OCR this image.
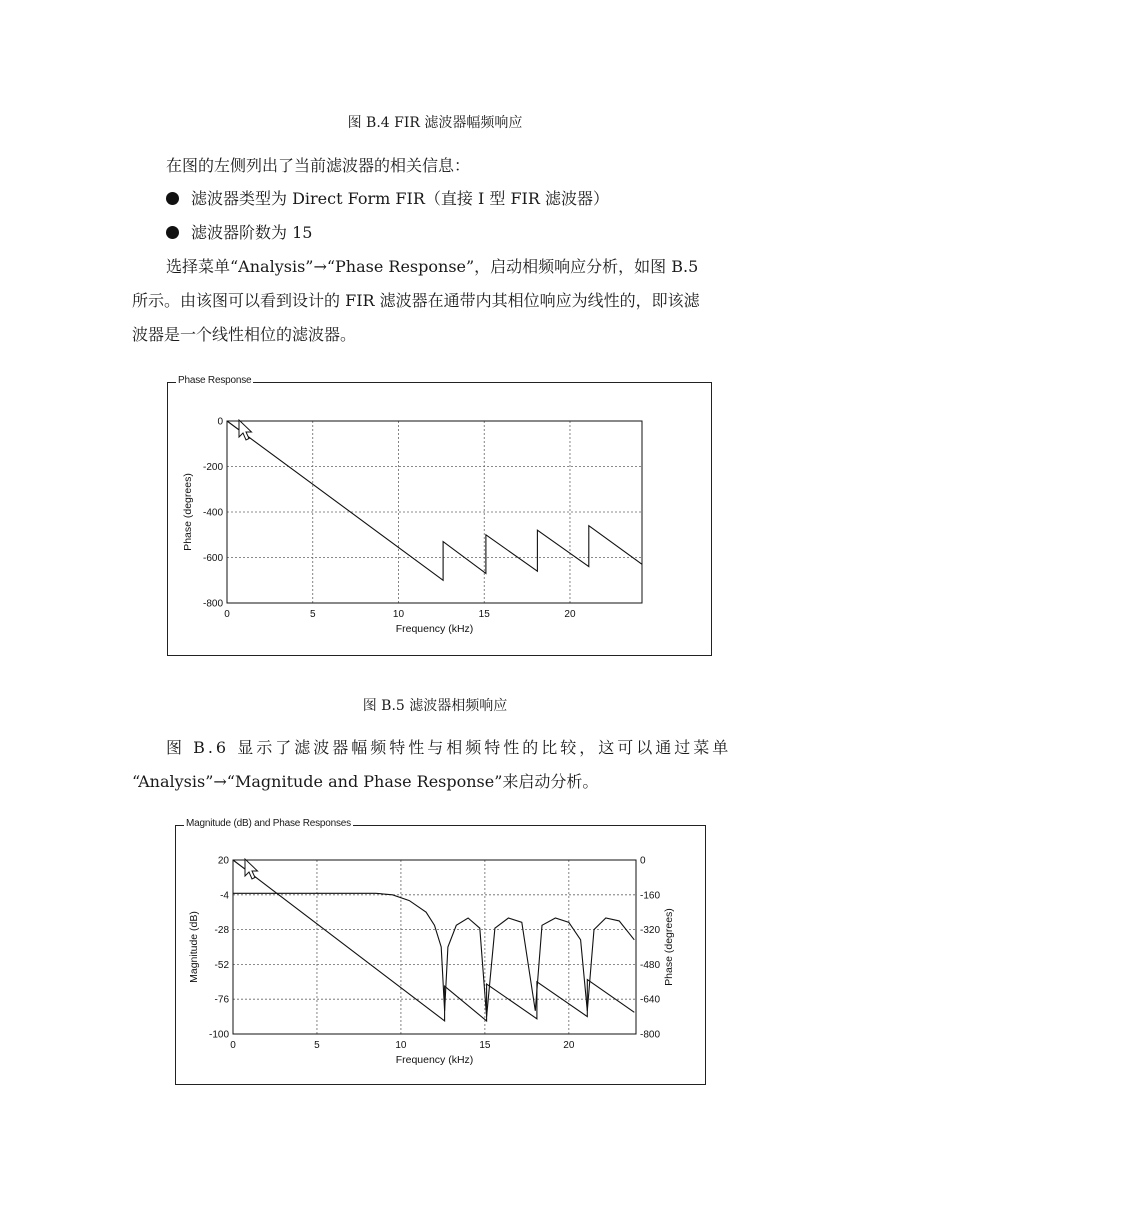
图 B.4 FIR 滤波器幅频响应
在图的左侧列出了当前滤波器的相关信息：
滤波器类型为 Direct Form FIR（直接 I 型 FIR 滤波器）
滤波器阶数为 15
选择菜单“Analysis”→“Phase Response”，启动相频响应分析，如图 B.5
所示。由该图可以看到设计的 FIR 滤波器在通带内其相位响应为线性的，即该滤
波器是一个线性相位的滤波器。
Phase Response
0	5	10	15	20
0
-200
-400
-600
-800
Frequency (kHz)
Phase (degrees)
图 B.5 滤波器相频响应
图 B.6 显示了滤波器幅频特性与相频特性的比较，这可以通过菜单
“Analysis”→“Magnitude and Phase Response”来启动分析。
Magnitude (dB) and Phase Responses
0	5	10	15	20
20
-4
-28
-52
-76
-100
0
-160
-320
-480
-640
-800
Frequency (kHz)
Magnitude (dB)	Phase (degrees)
